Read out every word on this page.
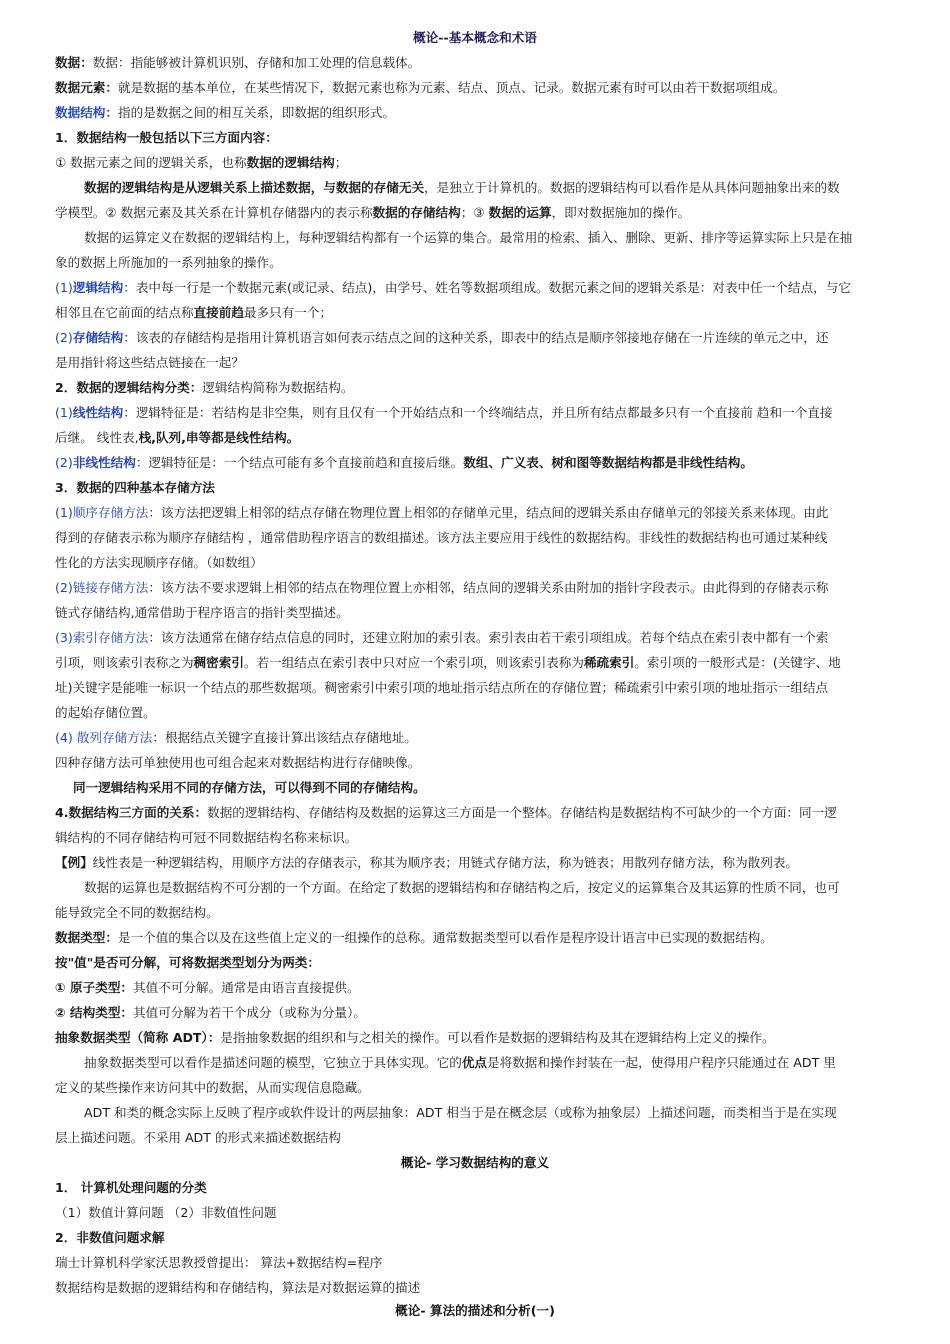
概论--基本概念和术语
数据：数据：指能够被计算机识别、存储和加工处理的信息载体。
数据元素：就是数据的基本单位，在某些情况下，数据元素也称为元素、结点、顶点、记录。数据元素有时可以由若干数据项组成。
数据结构：指的是数据之间的相互关系，即数据的组织形式。
1．数据结构一般包括以下三方面内容：
① 数据元素之间的逻辑关系，也称数据的逻辑结构；
数据的逻辑结构是从逻辑关系上描述数据，与数据的存储无关，是独立于计算机的。数据的逻辑结构可以看作是从具体问题抽象出来的数
学模型。② 数据元素及其关系在计算机存储器内的表示称数据的存储结构；③ 数据的运算，即对数据施加的操作。
数据的运算定义在数据的逻辑结构上，每种逻辑结构都有一个运算的集合。最常用的检索、插入、删除、更新、排序等运算实际上只是在抽
象的数据上所施加的一系列抽象的操作。
(1)逻辑结构：表中每一行是一个数据元素(或记录、结点)，由学号、姓名等数据项组成。数据元素之间的逻辑关系是：对表中任一个结点，与它
相邻且在它前面的结点称直接前趋最多只有一个；
(2)存储结构：该表的存储结构是指用计算机语言如何表示结点之间的这种关系，即表中的结点是顺序邻接地存储在一片连续的单元之中，还
是用指针将这些结点链接在一起？
2．数据的逻辑结构分类：逻辑结构简称为数据结构。
(1)线性结构：逻辑特征是：若结构是非空集，则有且仅有一个开始结点和一个终端结点，并且所有结点都最多只有一个直接前 趋和一个直接
后继。 线性表,栈,队列,串等都是线性结构。
(2)非线性结构：逻辑特征是：一个结点可能有多个直接前趋和直接后继。数组、广义表、树和图等数据结构都是非线性结构。
3．数据的四种基本存储方法
(1)顺序存储方法：该方法把逻辑上相邻的结点存储在物理位置上相邻的存储单元里，结点间的逻辑关系由存储单元的邻接关系来体现。由此
得到的存储表示称为顺序存储结构 ，通常借助程序语言的数组描述。该方法主要应用于线性的数据结构。非线性的数据结构也可通过某种线
性化的方法实现顺序存储。（如数组）
(2)链接存储方法：该方法不要求逻辑上相邻的结点在物理位置上亦相邻，结点间的逻辑关系由附加的指针字段表示。由此得到的存储表示称
链式存储结构,通常借助于程序语言的指针类型描述。
(3)索引存储方法：该方法通常在储存结点信息的同时，还建立附加的索引表。索引表由若干索引项组成。若每个结点在索引表中都有一个索
引项，则该索引表称之为稠密索引。若一组结点在索引表中只对应一个索引项，则该索引表称为稀疏索引。索引项的一般形式是：(关键字、地
址)关键字是能唯一标识一个结点的那些数据项。稠密索引中索引项的地址指示结点所在的存储位置；稀疏索引中索引项的地址指示一组结点
的起始存储位置。
(4) 散列存储方法：根据结点关键字直接计算出该结点存储地址。
四种存储方法可单独使用也可组合起来对数据结构进行存储映像。
同一逻辑结构采用不同的存储方法，可以得到不同的存储结构。
4.数据结构三方面的关系：数据的逻辑结构、存储结构及数据的运算这三方面是一个整体。存储结构是数据结构不可缺少的一个方面：同一逻
辑结构的不同存储结构可冠不同数据结构名称来标识。
【例】线性表是一种逻辑结构，用顺序方法的存储表示，称其为顺序表；用链式存储方法，称为链表；用散列存储方法，称为散列表。
数据的运算也是数据结构不可分割的一个方面。在给定了数据的逻辑结构和存储结构之后，按定义的运算集合及其运算的性质不同，也可
能导致完全不同的数据结构。
数据类型：是一个值的集合以及在这些值上定义的一组操作的总称。通常数据类型可以看作是程序设计语言中已实现的数据结构。
按"值"是否可分解，可将数据类型划分为两类：
① 原子类型：其值不可分解。通常是由语言直接提供。
② 结构类型：其值可分解为若干个成分（或称为分量）。
抽象数据类型（简称 ADT）：是指抽象数据的组织和与之相关的操作。可以看作是数据的逻辑结构及其在逻辑结构上定义的操作。
抽象数据类型可以看作是描述问题的模型，它独立于具体实现。它的优点是将数据和操作封装在一起，使得用户程序只能通过在 ADT 里
定义的某些操作来访问其中的数据，从而实现信息隐藏。
ADT 和类的概念实际上反映了程序或软件设计的两层抽象：ADT 相当于是在概念层（或称为抽象层）上描述问题，而类相当于是在实现
层上描述问题。不采用 ADT 的形式来描述数据结构
概论- 学习数据结构的意义
1． 计算机处理问题的分类
（1）数值计算问题 （2）非数值性问题
2．非数值问题求解
瑞士计算机科学家沃思教授曾提出： 算法+数据结构=程序
数据结构是数据的逻辑结构和存储结构，算法是对数据运算的描述
概论- 算法的描述和分析(一)
